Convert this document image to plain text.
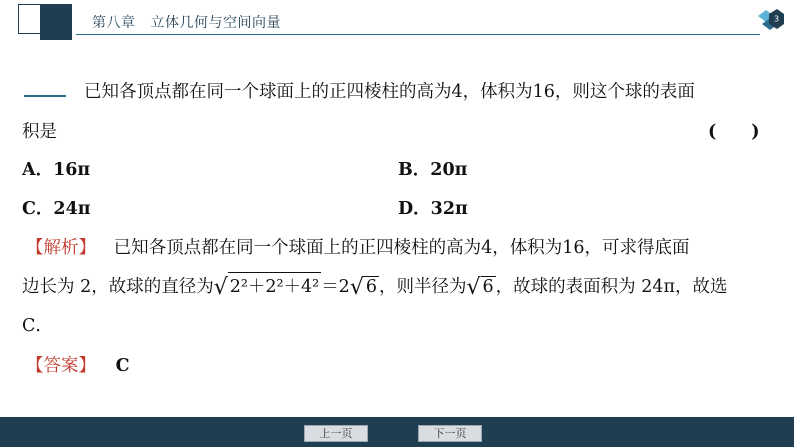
第八章 立体几何与空间向量	3
已知各顶点都在同一个球面上的正四棱柱的高为4，体积为16，则这个球的表面
积是	(　　)
A．16π	B．20π
C．24π	D．32π
【解析】 已知各顶点都在同一个球面上的正四棱柱的高为4，体积为16，可求得底面
边长为 2，故球的直径为√ 2²＋2²＋4² ＝2√ 6 ，则半径为√ 6 ，故球的表面积为 24π，故选
C．
【答案】 C
上一页	下一页
